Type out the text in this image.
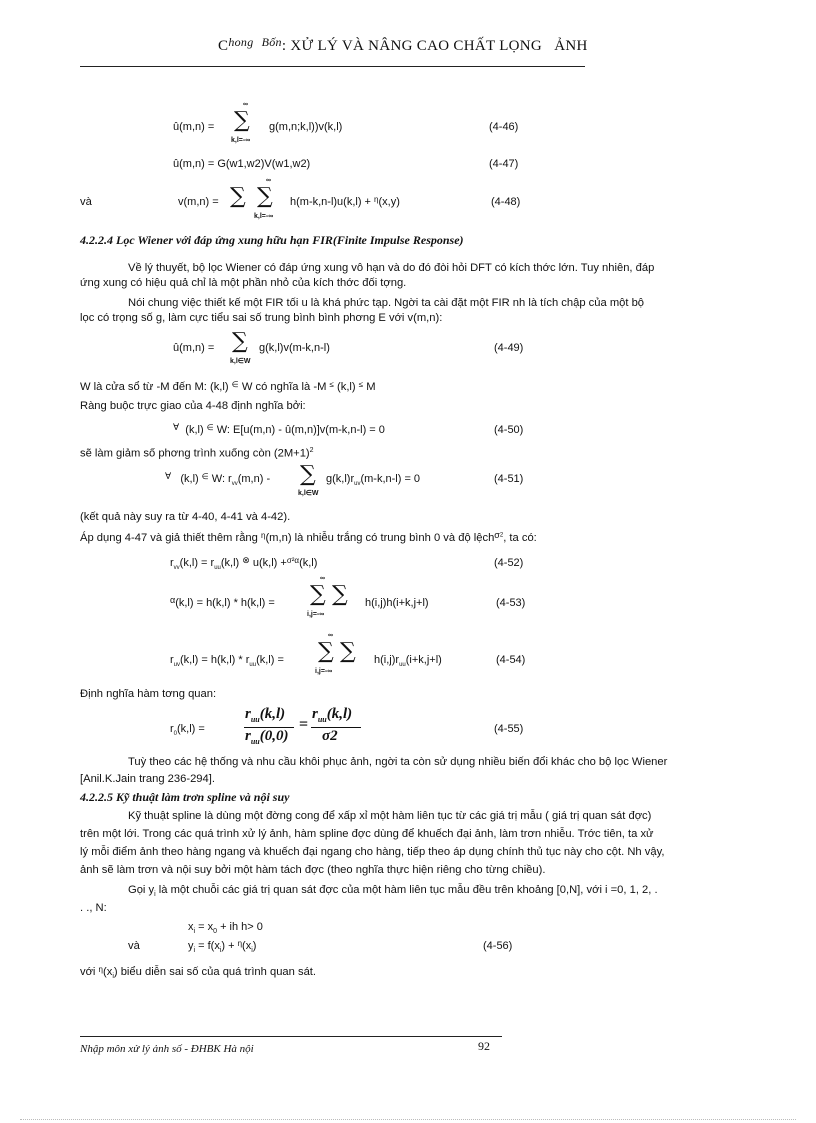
$C^{hong}$ $^{Bốn}$: XỬ LÝ VÀ NÂNG CAO CHẤT LỌNG ẢNH
û(m,n) =
∞
∑
k,l=-∞
g(m,n;k,l))v(k,l)	(4-46)
û(m,n) = G(w1,w2)V(w1,w2)	(4-47)
và	v(m,n) = ∑
∞
∑
k,l=-∞
h(m-k,n-l)u(k,l) + $^\eta$(x,y)	(4-48)
4.2.2.4 Lọc Wiener với đáp ứng xung hữu hạn FIR(Finite Impulse Response)
Về lý thuyết, bộ lọc Wiener có đáp ứng xung vô hạn và do đó đòi hỏi DFT có kích thớc lớn. Tuy nhiên, đáp
ứng xung có hiệu quả chỉ là một phần nhỏ của kích thớc đối tợng.
Nói chung việc thiết kế một FIR tối u là khá phức tạp. Ngời ta cài đặt một FIR nh là tích chập của một bộ
lọc có trọng số g, làm cực tiểu sai số trung bình bình phơng E với v(m,n):
û(m,n) = ∑
k,l∈W
g(k,l)v(m-k,n-l)	(4-49)
W là cửa sổ từ -M đến M: (k,l) ∈ W có nghĩa là -M ≤ (k,l) ≤ M
Ràng buộc trực giao của 4-48 định nghĩa bởi:
∀ (k,l) ∈ W: E[u(m,n) - û(m,n)]v(m-k,n-l) = 0	(4-50)
sẽ làm giảm số phơng trình xuống còn $(2M+1)^2$
∀ (k,l) ∈ W: $r_{vv}(m,n)$ - ∑
k,l∈W
$g(k,l)r_{uv}(m-k,n-l) = 0$	(4-51)
(kết quả này suy ra từ 4-40, 4-41 và 4-42).
Áp dụng 4-47 và giả thiết thêm rằng $^\eta$(m,n) là nhiễu trắng có trung bình 0 và độ lệch$^{\sigma 2}$, ta có:
$r_{vv}(k,l) = r_{uu}(k,l)$ ⊗ u(k,l) +$^{\sigma^2\alpha}$(k,l)	(4-52)
$^\alpha$(k,l) = h(k,l) * h(k,l) =
∞
∑ ∑
i,j=-∞
h(i,j)h(i+k,j+l)	(4-53)
$r_{uv}(k,l) = h(k,l) * r_{uu}(k,l)$ =
∞
∑ ∑
i,j=-∞
$h(i,j)r_{uu}(i+k,j+l)$	(4-54)
Định nghĩa hàm tơng quan:
$r_0(k,l)$ =
$r_{uu}(k,l)$
$r_{uu}(0,0)$
=
$r_{uu}(k,l)$
σ2	(4-55)
Tuỳ theo các hệ thống và nhu cầu khôi phục ảnh, ngời ta còn sử dụng nhiều biến đổi khác cho bộ lọc Wiener
[Anil.K.Jain trang 236-294].
4.2.2.5 Kỹ thuật làm trơn spline và nội suy
Kỹ thuật spline là dùng một đờng cong để xấp xỉ một hàm liên tục từ các giá trị mẫu ( giá trị quan sát đợc)
trên một lới. Trong các quá trình xử lý ảnh, hàm spline đợc dùng để khuếch đại ảnh, làm trơn nhiễu. Trớc tiên, ta xử
lý mỗi điểm ảnh theo hàng ngang và khuếch đại ngang cho hàng, tiếp theo áp dụng chính thủ tục này cho cột. Nh vậy,
ảnh sẽ làm trơn và nội suy bởi một hàm tách đợc (theo nghĩa thực hiện riêng cho từng chiều).
Gọi $y_i$ là một chuỗi các giá trị quan sát đợc của một hàm liên tục mẫu đều trên khoảng [0,N], với i =0, 1, 2, .
. ., N:
$x_i = x_0$ + ih h> 0
và	$y_i = f(x_i) + ^\eta(x_i)$	(4-56)
với $^\eta(x_i)$ biểu diễn sai số của quá trình quan sát.
Nhập môn xử lý ảnh số - ĐHBK Hà nội	92
